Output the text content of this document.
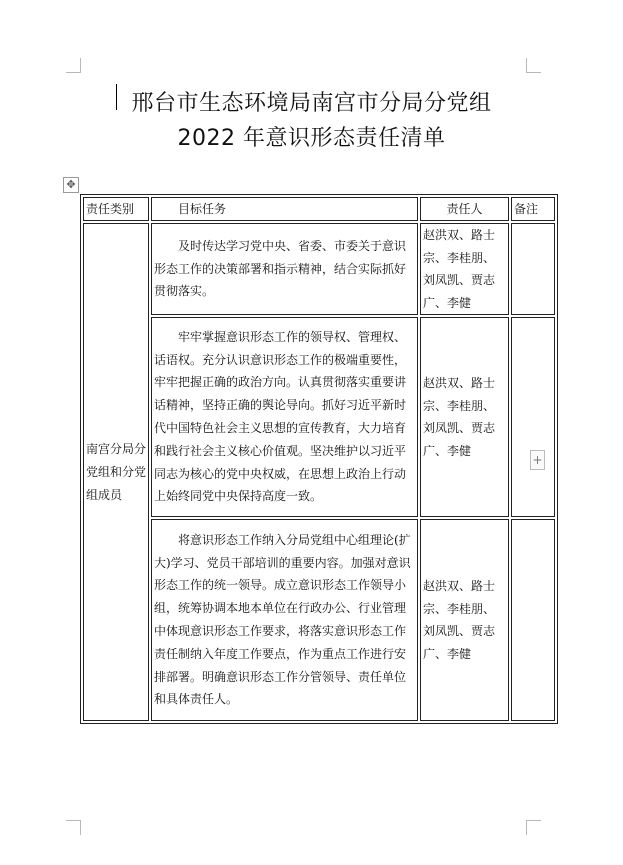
邢台市生态环境局南宫市分局分党组
2022 年意识形态责任清单
✥
+
责任类别	目标任务	责任人	备注
南宫分局分党组和分党组成员	及时传达学习党中央、省委、市委关于意识形态工作的决策部署和指示精神，结合实际抓好贯彻落实。	赵洪双、路士宗、李桂朋、刘凤凯、贾志广、李健	
	牢牢掌握意识形态工作的领导权、管理权、话语权。充分认识意识形态工作的极端重要性，牢牢把握正确的政治方向。认真贯彻落实重要讲话精神，坚持正确的舆论导向。抓好习近平新时代中国特色社会主义思想的宣传教育，大力培育和践行社会主义核心价值观。坚决维护以习近平同志为核心的党中央权威，在思想上政治上行动上始终同党中央保持高度一致。	赵洪双、路士宗、李桂朋、刘凤凯、贾志广、李健	
	将意识形态工作纳入分局党组中心组理论(扩大)学习、党员干部培训的重要内容。加强对意识形态工作的统一领导。成立意识形态工作领导小组，统筹协调本地本单位在行政办公、行业管理中体现意识形态工作要求，将落实意识形态工作责任制纳入年度工作要点，作为重点工作进行安排部署。明确意识形态工作分管领导、责任单位和具体责任人。	赵洪双、路士宗、李桂朋、刘凤凯、贾志广、李健	
